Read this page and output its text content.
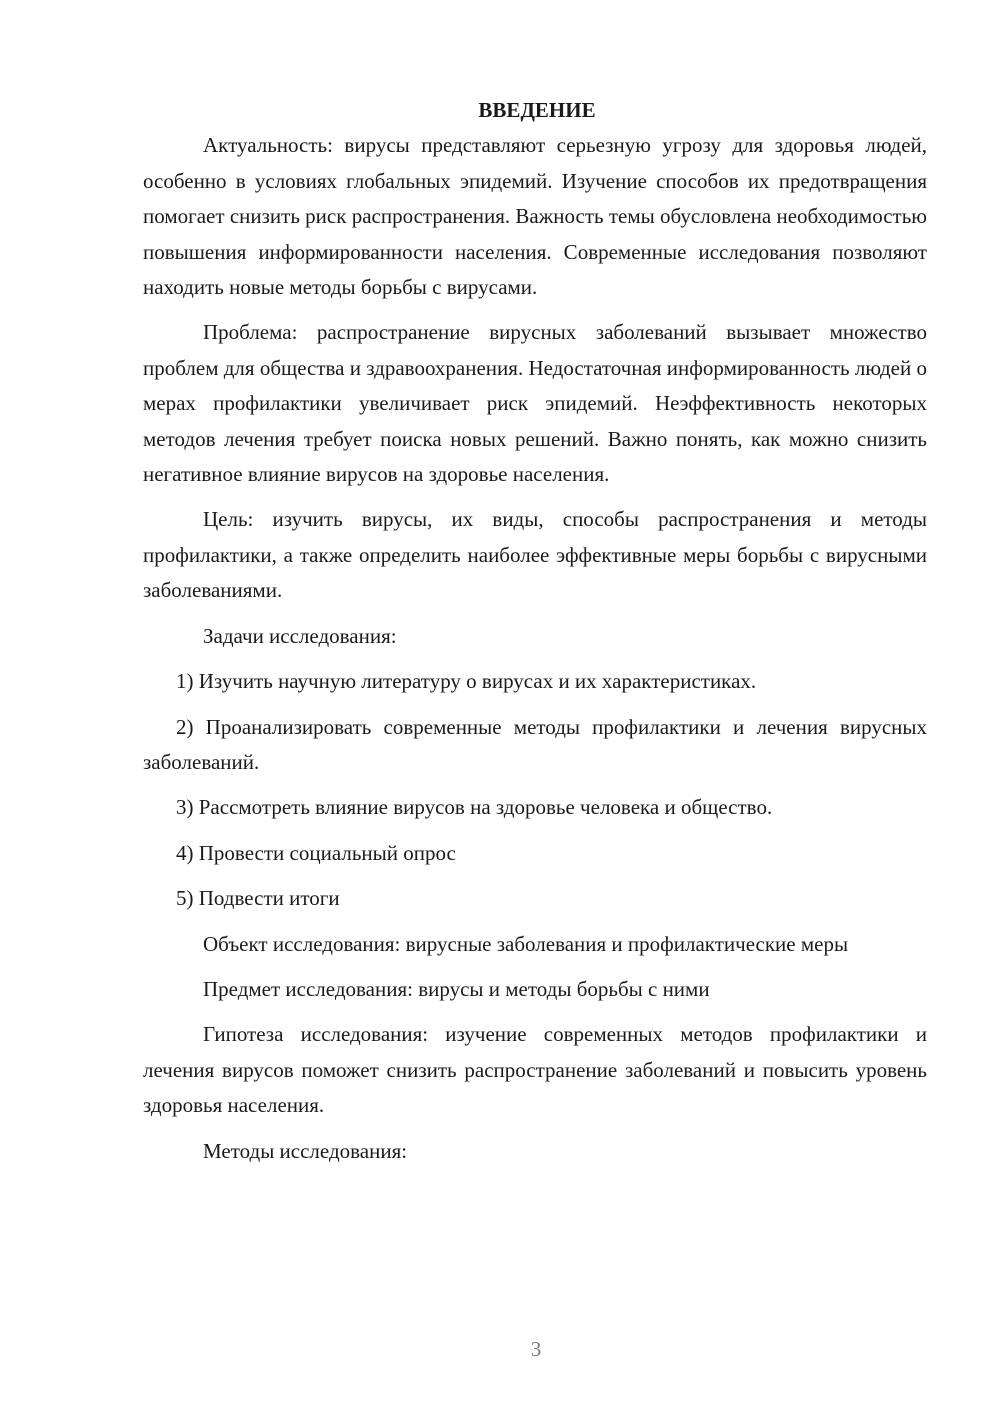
ВВЕДЕНИЕ

Актуальность: вирусы представляют серьезную угрозу для здоровья людей, особенно в условиях глобальных эпидемий. Изучение способов их предотвращения помогает снизить риск распространения. Важность темы обусловлена необходимостью повышения информированности населения. Современные исследования позволяют находить новые методы борьбы с вирусами.

Проблема: распространение вирусных заболеваний вызывает множество проблем для общества и здравоохранения. Недостаточная информированность людей о мерах профилактики увеличивает риск эпидемий. Неэффективность некоторых методов лечения требует поиска новых решений. Важно понять, как можно снизить негативное влияние вирусов на здоровье населения.

Цель: изучить вирусы, их виды, способы распространения и методы профилактики, а также определить наиболее эффективные меры борьбы с вирусными заболеваниями.

Задачи исследования:

1) Изучить научную литературу о вирусах и их характеристиках.

2) Проанализировать современные методы профилактики и лечения вирусных заболеваний.

3) Рассмотреть влияние вирусов на здоровье человека и общество.

4) Провести социальный опрос

5) Подвести итоги

Объект исследования: вирусные заболевания и профилактические меры

Предмет исследования: вирусы и методы борьбы с ними

Гипотеза исследования: изучение современных методов профилактики и лечения вирусов поможет снизить распространение заболеваний и повысить уровень здоровья населения.

Методы исследования:

3
